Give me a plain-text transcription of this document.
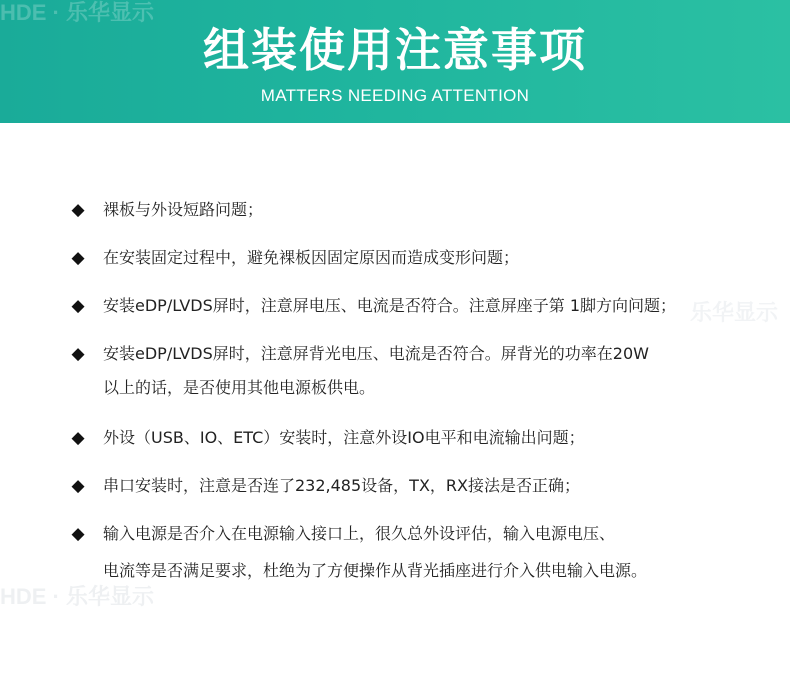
HDE · 乐华显示
组装使用注意事项
MATTERS NEEDING ATTENTION
乐华显示
HDE · 乐华显示
◆ 裸板与外设短路问题；
◆ 在安装固定过程中，避免裸板因固定原因而造成变形问题；
◆ 安装eDP/LVDS屏时，注意屏电压、电流是否符合。注意屏座子第 1脚方向问题；
◆ 安装eDP/LVDS屏时，注意屏背光电压、电流是否符合。屏背光的功率在20W
以上的话，是否使用其他电源板供电。
◆ 外设（USB、IO、ETC）安装时，注意外设IO电平和电流输出问题；
◆ 串口安装时，注意是否连了232,485设备，TX，RX接法是否正确；
◆ 输入电源是否介入在电源输入接口上，很久总外设评估，输入电源电压、
电流等是否满足要求，杜绝为了方便操作从背光插座进行介入供电输入电源。
